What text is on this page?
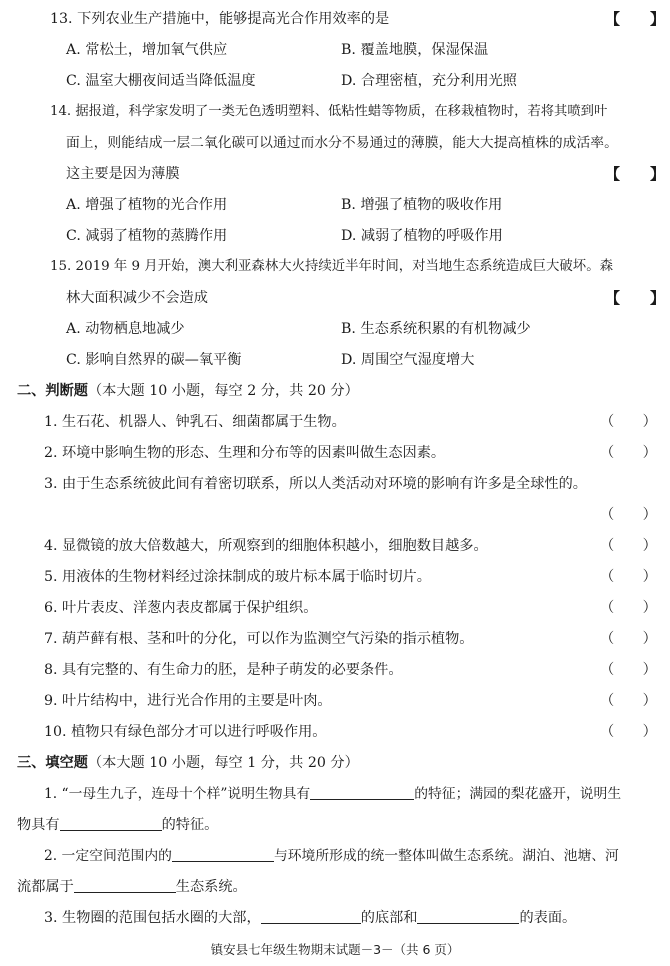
13. 下列农业生产措施中，能够提高光合作用效率的是	【　　】
A. 常松土，增加氧气供应	B. 覆盖地膜，保湿保温
C. 温室大棚夜间适当降低温度	D. 合理密植，充分利用光照
14. 据报道，科学家发明了一类无色透明塑料、低粘性蜡等物质，在移栽植物时，若将其喷到叶
面上，则能结成一层二氧化碳可以通过而水分不易通过的薄膜，能大大提高植株的成活率。
这主要是因为薄膜	【　　】
A. 增强了植物的光合作用	B. 增强了植物的吸收作用
C. 减弱了植物的蒸腾作用	D. 减弱了植物的呼吸作用
15. 2019 年 9 月开始，澳大利亚森林大火持续近半年时间，对当地生态系统造成巨大破坏。森
林大面积减少不会造成	【　　】
A. 动物栖息地减少	B. 生态系统积累的有机物减少
C. 影响自然界的碳—氧平衡	D. 周围空气湿度增大
二、判断题（本大题 10 小题，每空 2 分，共 20 分）
1. 生石花、机器人、钟乳石、细菌都属于生物。	（　　）
2. 环境中影响生物的形态、生理和分布等的因素叫做生态因素。	（　　）
3. 由于生态系统彼此间有着密切联系，所以人类活动对环境的影响有许多是全球性的。
（　　）
4. 显微镜的放大倍数越大，所观察到的细胞体积越小，细胞数目越多。	（　　）
5. 用液体的生物材料经过涂抹制成的玻片标本属于临时切片。	（　　）
6. 叶片表皮、洋葱内表皮都属于保护组织。	（　　）
7. 葫芦藓有根、茎和叶的分化，可以作为监测空气污染的指示植物。	（　　）
8. 具有完整的、有生命力的胚，是种子萌发的必要条件。	（　　）
9. 叶片结构中，进行光合作用的主要是叶肉。	（　　）
10. 植物只有绿色部分才可以进行呼吸作用。	（　　）
三、填空题（本大题 10 小题，每空 1 分，共 20 分）
1. “一母生九子，连母十个样”说明生物具有	的特征；满园的梨花盛开，说明生
物具有	的特征。
2. 一定空间范围内的	与环境所形成的统一整体叫做生态系统。湖泊、池塘、河
流都属于	生态系统。
3. 生物圈的范围包括水圈的大部，	的底部和	的表面。
镇安县七年级生物期末试题－3－（共 6 页）
